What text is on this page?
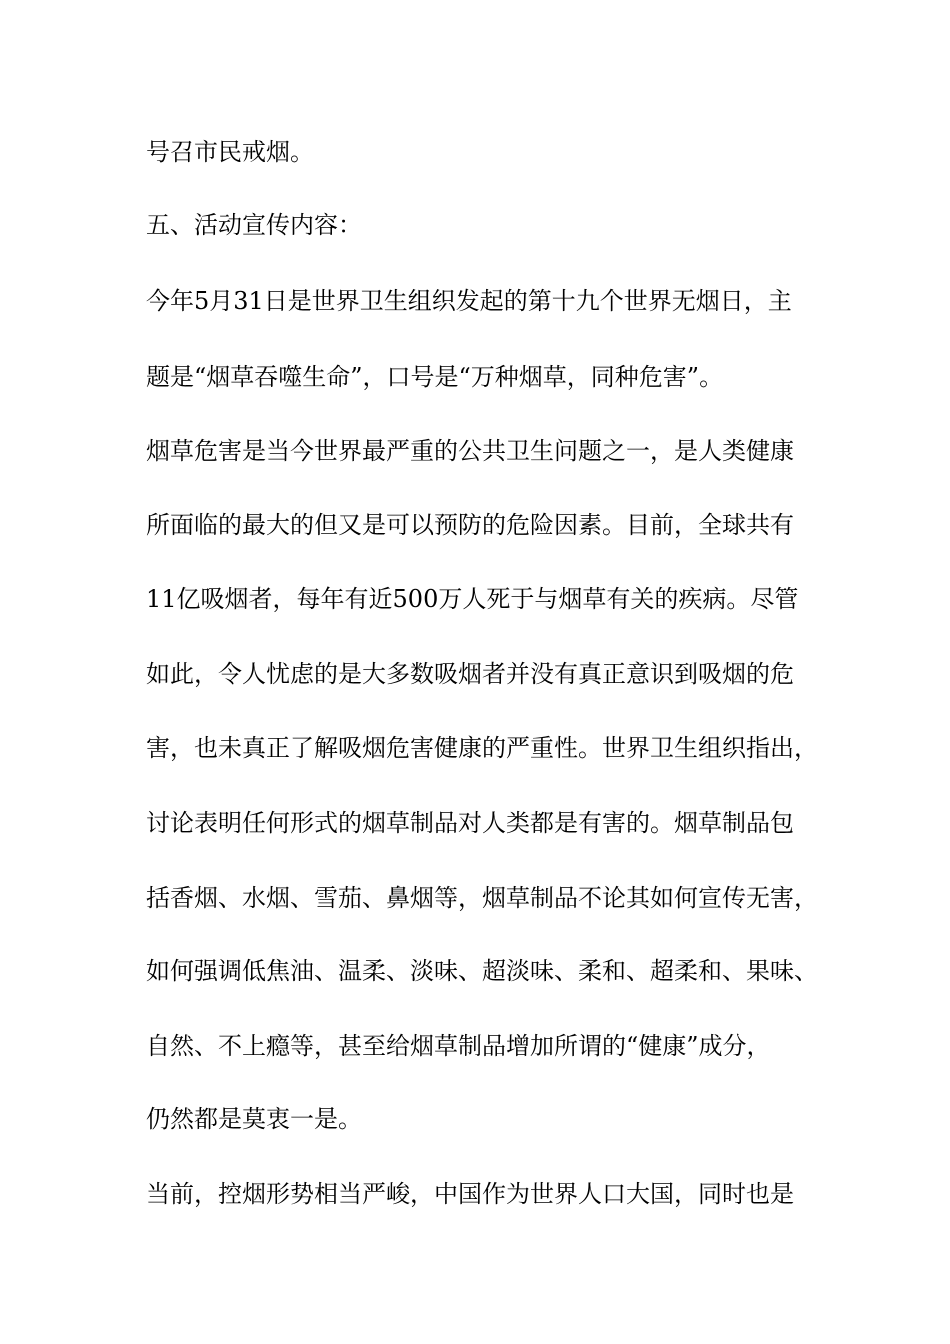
号召市民戒烟。
五、活动宣传内容：
今年5月31日是世界卫生组织发起的第十九个世界无烟日，主
题是“烟草吞噬生命”，口号是“万种烟草，同种危害”。
烟草危害是当今世界最严重的公共卫生问题之一，是人类健康
所面临的最大的但又是可以预防的危险因素。目前，全球共有
11亿吸烟者，每年有近500万人死于与烟草有关的疾病。尽管
如此，令人忧虑的是大多数吸烟者并没有真正意识到吸烟的危
害，也未真正了解吸烟危害健康的严重性。世界卫生组织指出，
讨论表明任何形式的烟草制品对人类都是有害的。烟草制品包
括香烟、水烟、雪茄、鼻烟等，烟草制品不论其如何宣传无害，
如何强调低焦油、温柔、淡味、超淡味、柔和、超柔和、果味、
自然、不上瘾等，甚至给烟草制品增加所谓的“健康”成分，
仍然都是莫衷一是。
当前，控烟形势相当严峻，中国作为世界人口大国，同时也是
